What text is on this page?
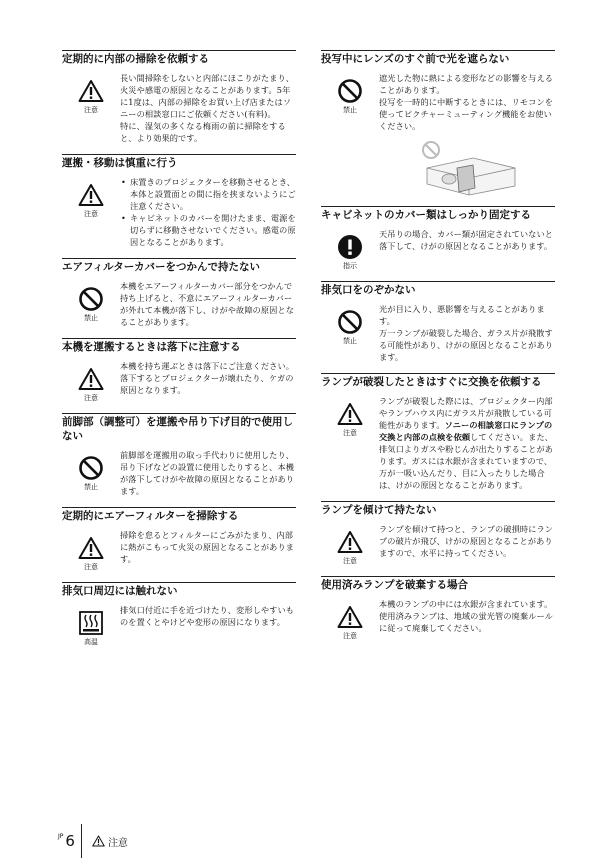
定期的に内部の掃除を依頼する
注意

長い間掃除をしないと内部にほこりがたまり、火災や感電の原因となることがあります。5年に1度は、内部の掃除をお買い上げ店またはソニーの相談窓口にご依頼ください(有料)。

特に、湿気の多くなる梅雨の前に掃除をすると、より効果的です。

運搬・移動は慎重に行う
注意
• 床置きのプロジェクターを移動させるとき、本体と設置面との間に指を挟まないようにご注意ください。
• キャビネットのカバーを開けたまま、電源を切らずに移動させないでください。感電の原因となることがあります。
エアフィルターカバーをつかんで持たない
禁止

本機をエアーフィルターカバー部分をつかんで持ち上げると、不意にエアーフィルターカバーが外れて本機が落下し、けがや故障の原因となることがあります。

本機を運搬するときは落下に注意する
注意

本機を持ち運ぶときは落下にご注意ください。落下するとプロジェクターが壊れたり、ケガの原因となります。

前脚部（調整可）を運搬や吊り下げ目的で使用しない
禁止

前脚部を運搬用の取っ手代わりに使用したり、吊り下げなどの設置に使用したりすると、本機が落下してけがや故障の原因となることがあります。

定期的にエアーフィルターを掃除する
注意

掃除を怠るとフィルターにごみがたまり、内部に熱がこもって火災の原因となることがあります。

排気口周辺には触れない
高温

排気口付近に手を近づけたり、変形しやすいものを置くとやけどや変形の原因になります。

投写中にレンズのすぐ前で光を遮らない
禁止

遮光した物に熱による変形などの影響を与えることがあります。

投写を一時的に中断するときには、リモコンを使ってピクチャーミューティング機能をお使いください。

キャビネットのカバー類はしっかり固定する
指示

天吊りの場合、カバー類が固定されていないと落下して、けがの原因となることがあります。

排気口をのぞかない
禁止

光が目に入り、悪影響を与えることがあります。

万一ランプが破裂した場合、ガラス片が飛散する可能性があり、けがの原因となることがあります。

ランプが破裂したときはすぐに交換を依頼する
注意

ランプが破裂した際には、プロジェクター内部やランプハウス内にガラス片が飛散している可能性があります。ソニーの相談窓口にランプの交換と内部の点検を依頼してください。また、排気口よりガスや粉じんが出たりすることがあります。ガスには水銀が含まれていますので、万が一吸い込んだり、目に入ったりした場合は、けがの原因となることがあります。

ランプを傾けて持たない
注意

ランプを傾けて持つと、ランプの破損時にランプの破片が飛び、けがの原因となることがありますので、水平に持ってください。

使用済みランプを破棄する場合
注意

本機のランプの中には水銀が含まれています。使用済みランプは、地域の蛍光管の廃棄ルールに従って廃棄してください。

JP 6	注意
